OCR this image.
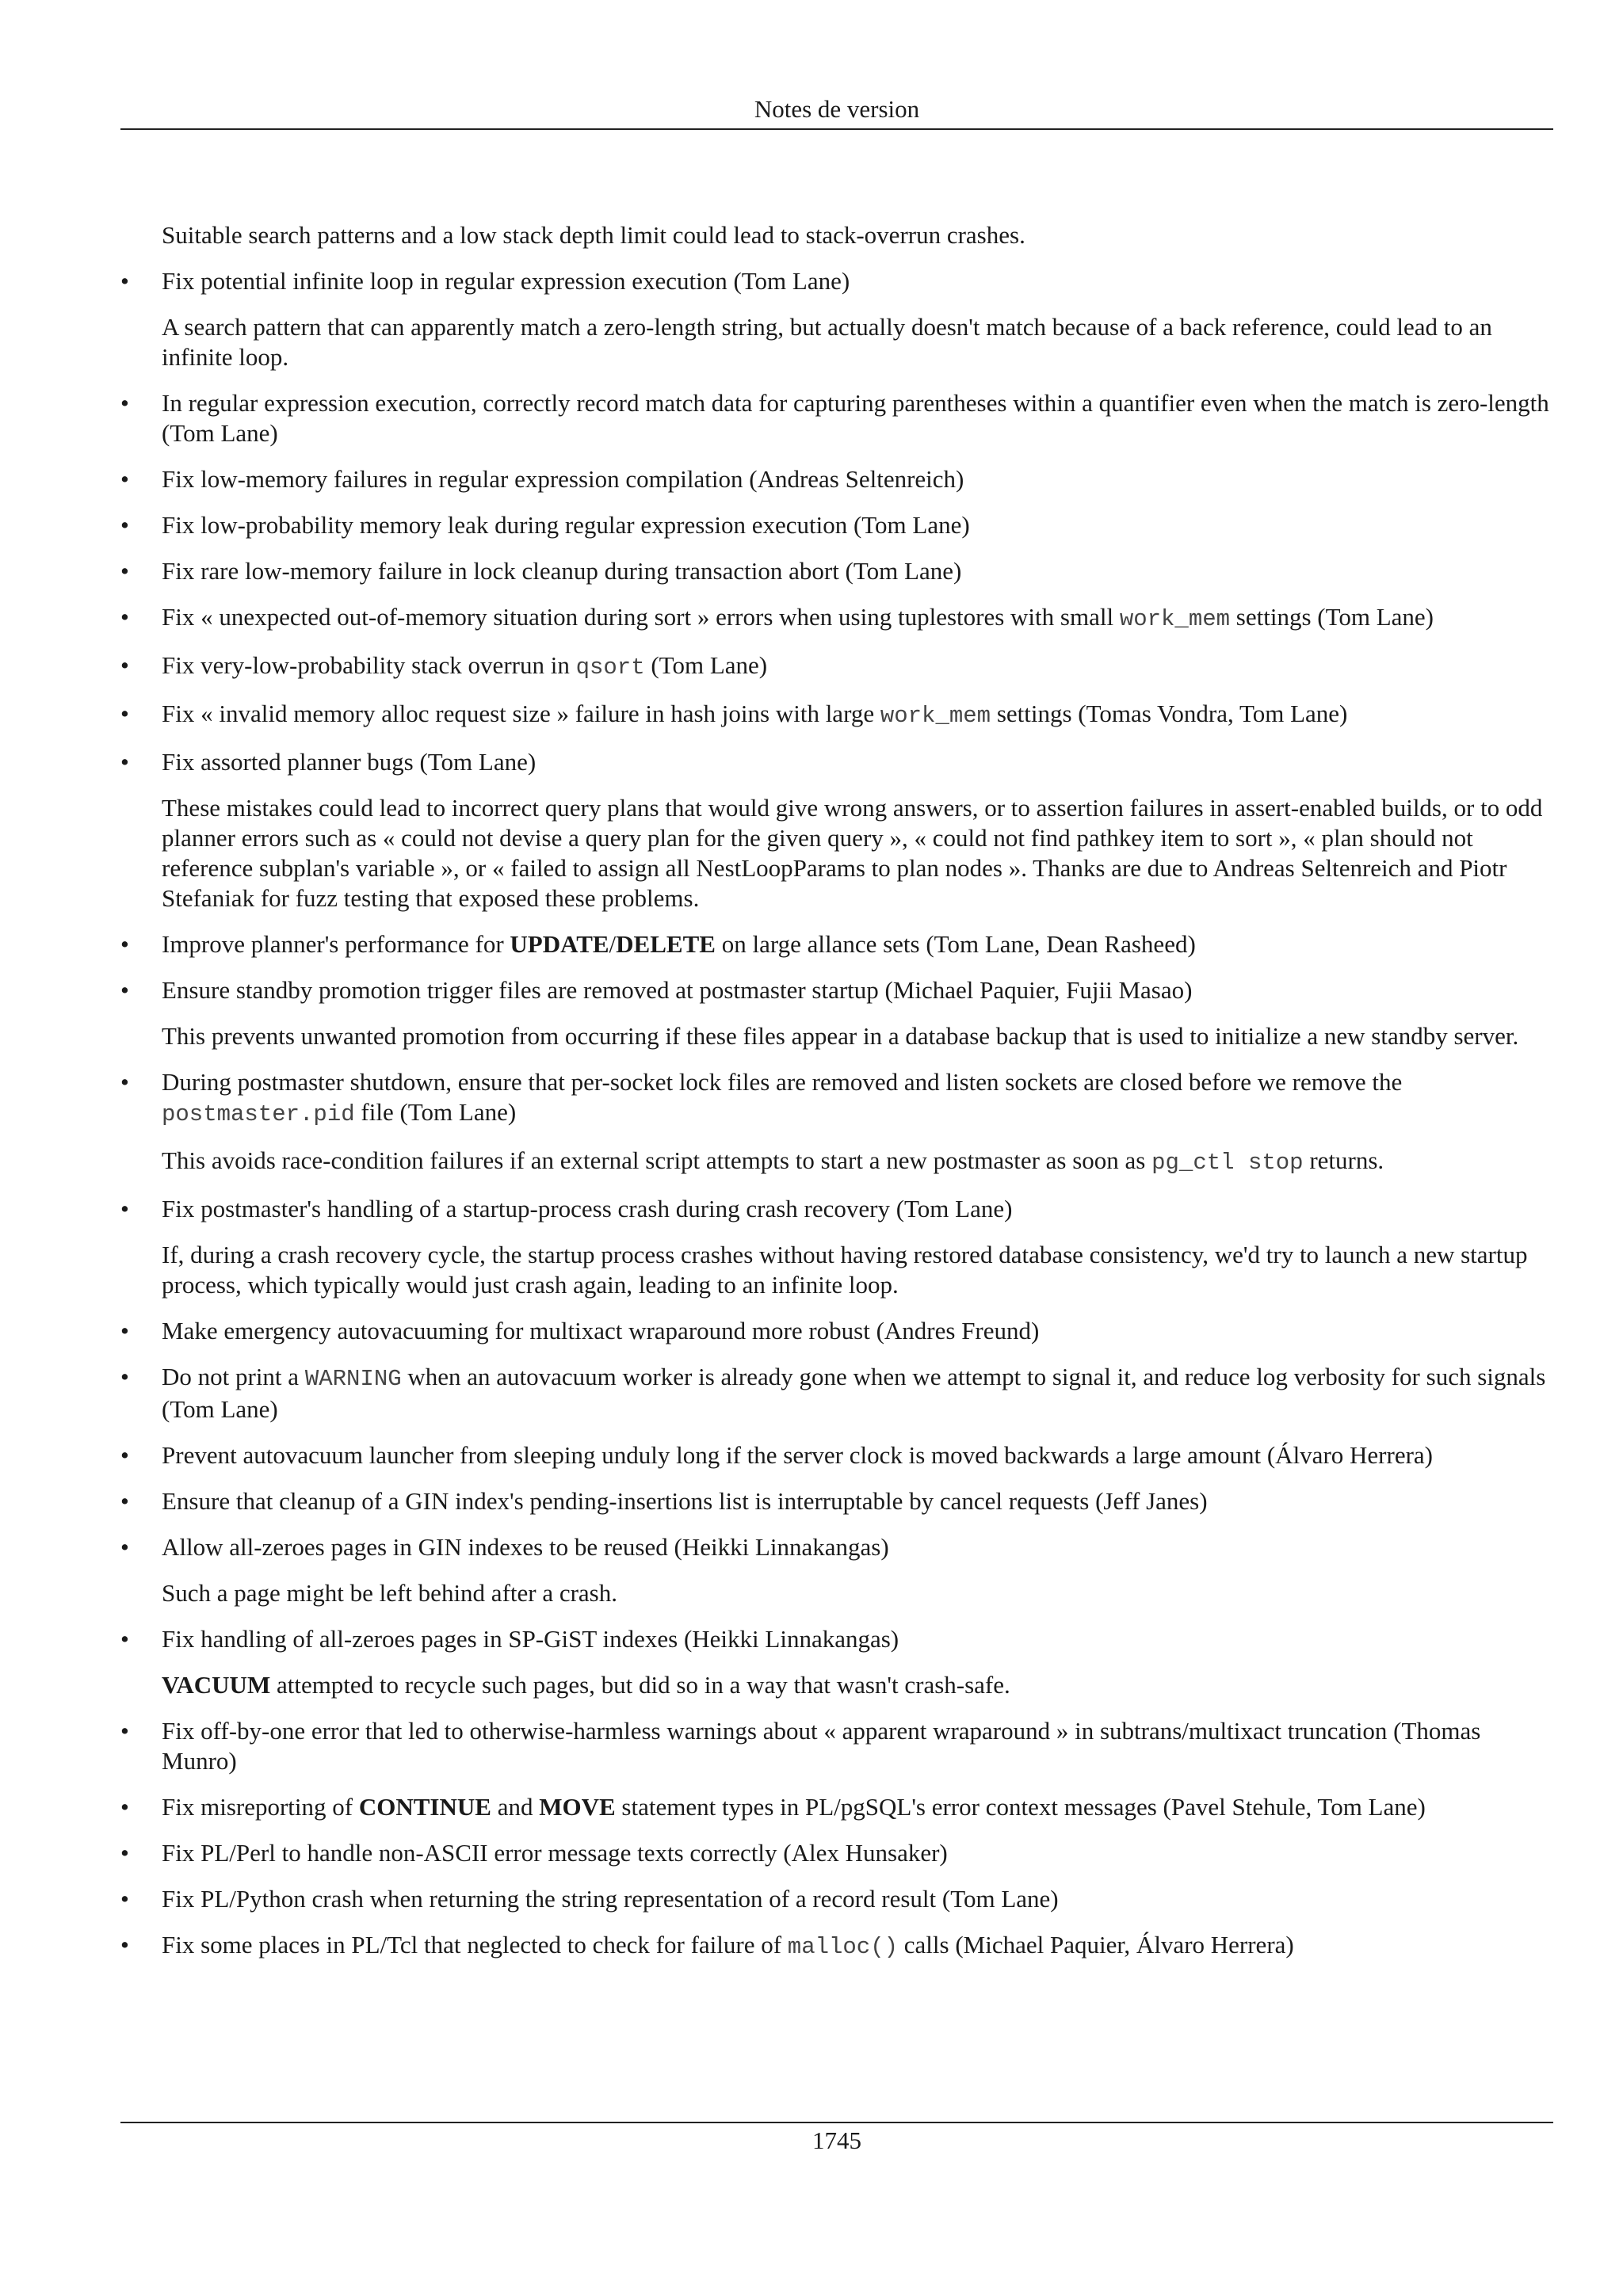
Notes de version
Suitable search patterns and a low stack depth limit could lead to stack-overrun crashes.
• Fix potential infinite loop in regular expression execution (Tom Lane)
A search pattern that can apparently match a zero-length string, but actually doesn't match because of a back reference, could lead to an infinite loop.
• In regular expression execution, correctly record match data for capturing parentheses within a quantifier even when the match is zero-length (Tom Lane)
• Fix low-memory failures in regular expression compilation (Andreas Seltenreich)
• Fix low-probability memory leak during regular expression execution (Tom Lane)
• Fix rare low-memory failure in lock cleanup during transaction abort (Tom Lane)
• Fix « unexpected out-of-memory situation during sort » errors when using tuplestores with small work_mem settings (Tom Lane)
• Fix very-low-probability stack overrun in qsort (Tom Lane)
• Fix « invalid memory alloc request size » failure in hash joins with large work_mem settings (Tomas Vondra, Tom Lane)
• Fix assorted planner bugs (Tom Lane)
These mistakes could lead to incorrect query plans that would give wrong answers, or to assertion failures in assert-enabled builds, or to odd planner errors such as « could not devise a query plan for the given query », « could not find pathkey item to sort », « plan should not reference subplan's variable », or « failed to assign all NestLoopParams to plan nodes ». Thanks are due to Andreas Seltenreich and Piotr Stefaniak for fuzz testing that exposed these problems.
• Improve planner's performance for UPDATE/DELETE on large allance sets (Tom Lane, Dean Rasheed)
• Ensure standby promotion trigger files are removed at postmaster startup (Michael Paquier, Fujii Masao)
This prevents unwanted promotion from occurring if these files appear in a database backup that is used to initialize a new standby server.
• During postmaster shutdown, ensure that per-socket lock files are removed and listen sockets are closed before we remove the postmaster.pid file (Tom Lane)
This avoids race-condition failures if an external script attempts to start a new postmaster as soon as pg_ctl stop returns.
• Fix postmaster's handling of a startup-process crash during crash recovery (Tom Lane)
If, during a crash recovery cycle, the startup process crashes without having restored database consistency, we'd try to launch a new startup process, which typically would just crash again, leading to an infinite loop.
• Make emergency autovacuuming for multixact wraparound more robust (Andres Freund)
• Do not print a WARNING when an autovacuum worker is already gone when we attempt to signal it, and reduce log verbosity for such signals (Tom Lane)
• Prevent autovacuum launcher from sleeping unduly long if the server clock is moved backwards a large amount (Álvaro Herrera)
• Ensure that cleanup of a GIN index's pending-insertions list is interruptable by cancel requests (Jeff Janes)
• Allow all-zeroes pages in GIN indexes to be reused (Heikki Linnakangas)
Such a page might be left behind after a crash.
• Fix handling of all-zeroes pages in SP-GiST indexes (Heikki Linnakangas)
VACUUM attempted to recycle such pages, but did so in a way that wasn't crash-safe.
• Fix off-by-one error that led to otherwise-harmless warnings about « apparent wraparound » in subtrans/multixact truncation (Thomas Munro)
• Fix misreporting of CONTINUE and MOVE statement types in PL/pgSQL's error context messages (Pavel Stehule, Tom Lane)
• Fix PL/Perl to handle non-ASCII error message texts correctly (Alex Hunsaker)
• Fix PL/Python crash when returning the string representation of a record result (Tom Lane)
• Fix some places in PL/Tcl that neglected to check for failure of malloc() calls (Michael Paquier, Álvaro Herrera)
1745
